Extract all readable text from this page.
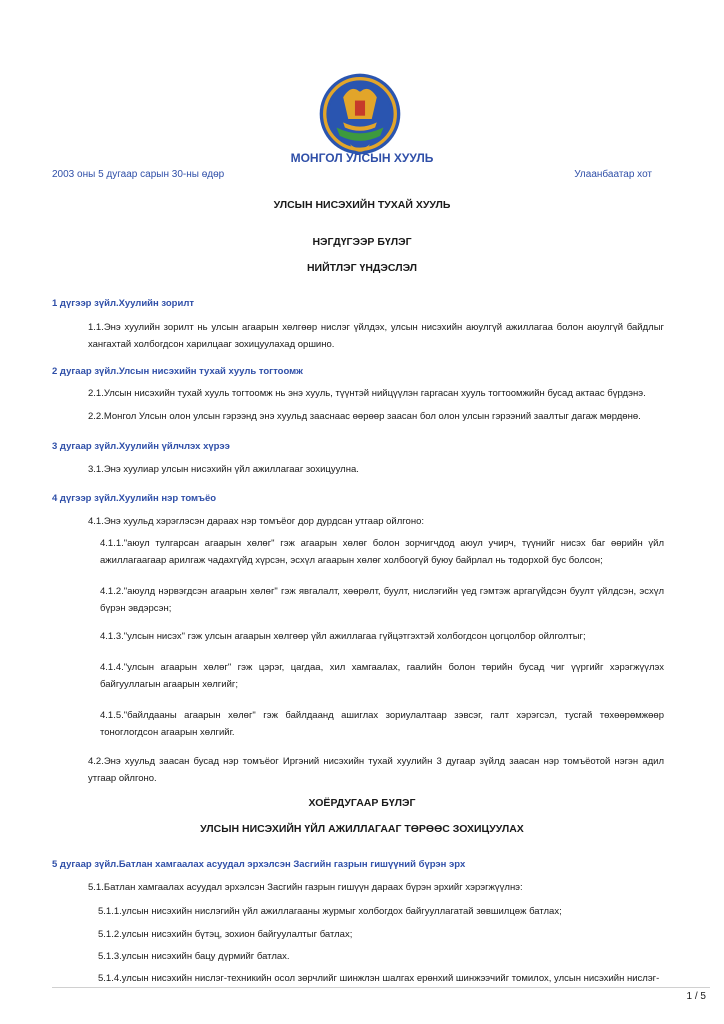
МОНГОЛ УЛСЫН ХУУЛЬ
2003 оны 5 дугаар сарын 30-ны өдөр	Улаанбаатар хот
УЛСЫН НИСЭХИЙН ТУХАЙ ХУУЛЬ
НЭГДҮГЭЭР БҮЛЭГ
НИЙТЛЭГ ҮНДЭСЛЭЛ
1 дүгээр зүйл.Хуулийн зорилт
1.1.Энэ хуулийн зорилт нь улсын агаарын хөлгөөр нислэг үйлдэх, улсын нисэхийн аюулгүй ажиллагаа болон аюулгүй байдлыг хангахтай холбогдсон харилцааг зохицуулахад оршино.
2 дугаар зүйл.Улсын нисэхийн тухай хууль тогтоомж
2.1.Улсын нисэхийн тухай хууль тогтоомж нь энэ хууль, түүнтэй нийцүүлэн гаргасан хууль тогтоомжийн бусад актаас бүрдэнэ.
2.2.Монгол Улсын олон улсын гэрээнд энэ хуульд зааснаас өөрөөр заасан бол олон улсын гэрээний заалтыг дагаж мөрдөнө.
3 дугаар зүйл.Хуулийн үйлчлэх хүрээ
3.1.Энэ хуулиар улсын нисэхийн үйл ажиллагааг зохицуулна.
4 дүгээр зүйл.Хуулийн нэр томъёо
4.1.Энэ хуульд хэрэглэсэн дараах нэр томъёог дор дурдсан утгаар ойлгоно:
4.1.1."аюул тулгарсан агаарын хөлөг" гэж агаарын хөлөг болон зорчигчдод аюул учирч, түүнийг нисэх баг өөрийн үйл ажиллагаагаар арилгаж чадахгүйд хүрсэн, эсхүл агаарын хөлөг холбоогүй буюу байрлал нь тодорхой бус болсон;
4.1.2."аюулд нэрвэгдсэн агаарын хөлөг" гэж явгалалт, хөөрөлт, буулт, нислэгийн үед гэмтэж аргагүйдсэн буулт үйлдсэн, эсхүл бүрэн эвдэрсэн;
4.1.3."улсын нисэх" гэж улсын агаарын хөлгөөр үйл ажиллагаа гүйцэтгэхтэй холбогдсон цогцолбор ойлголтыг;
4.1.4."улсын агаарын хөлөг" гэж цэрэг, цагдаа, хил хамгаалах, гаалийн болон төрийн бусад чиг үүргийг хэрэгжүүлэх байгууллагын агаарын хөлгийг;
4.1.5."байлдааны агаарын хөлөг" гэж байлдаанд ашиглах зориулалтаар зэвсэг, галт хэрэгсэл, тусгай төхөөрөмжөөр тоноглогдсон агаарын хөлгийг.
4.2.Энэ хуульд заасан бусад нэр томъёог Иргэний нисэхийн тухай хуулийн 3 дугаар зүйлд заасан нэр томъёотой нэгэн адил утгаар ойлгоно.
ХОЁРДУГААР БҮЛЭГ
УЛСЫН НИСЭХИЙН ҮЙЛ АЖИЛЛАГААГ ТӨРӨӨС ЗОХИЦУУЛАХ
5 дугаар зүйл.Батлан хамгаалах асуудал эрхэлсэн Засгийн газрын гишүүний бүрэн эрх
5.1.Батлан хамгаалах асуудал эрхэлсэн Засгийн газрын гишүүн дараах бүрэн эрхийг хэрэгжүүлнэ:
5.1.1.улсын нисэхийн нислэгийн үйл ажиллагааны журмыг холбогдох байгууллагатай зөвшилцөж батлах;
5.1.2.улсын нисэхийн бүтэц, зохион байгуулалтыг батлах;
5.1.3.улсын нисэхийн бацу дүрмийг батлах.
5.1.4.улсын нисэхийн нислэг-техникийн осол зөрчлийг шинжлэн шалгах ерөнхий шинжээчийг томилох, улсын нисэхийн нислэг-
1 / 5
